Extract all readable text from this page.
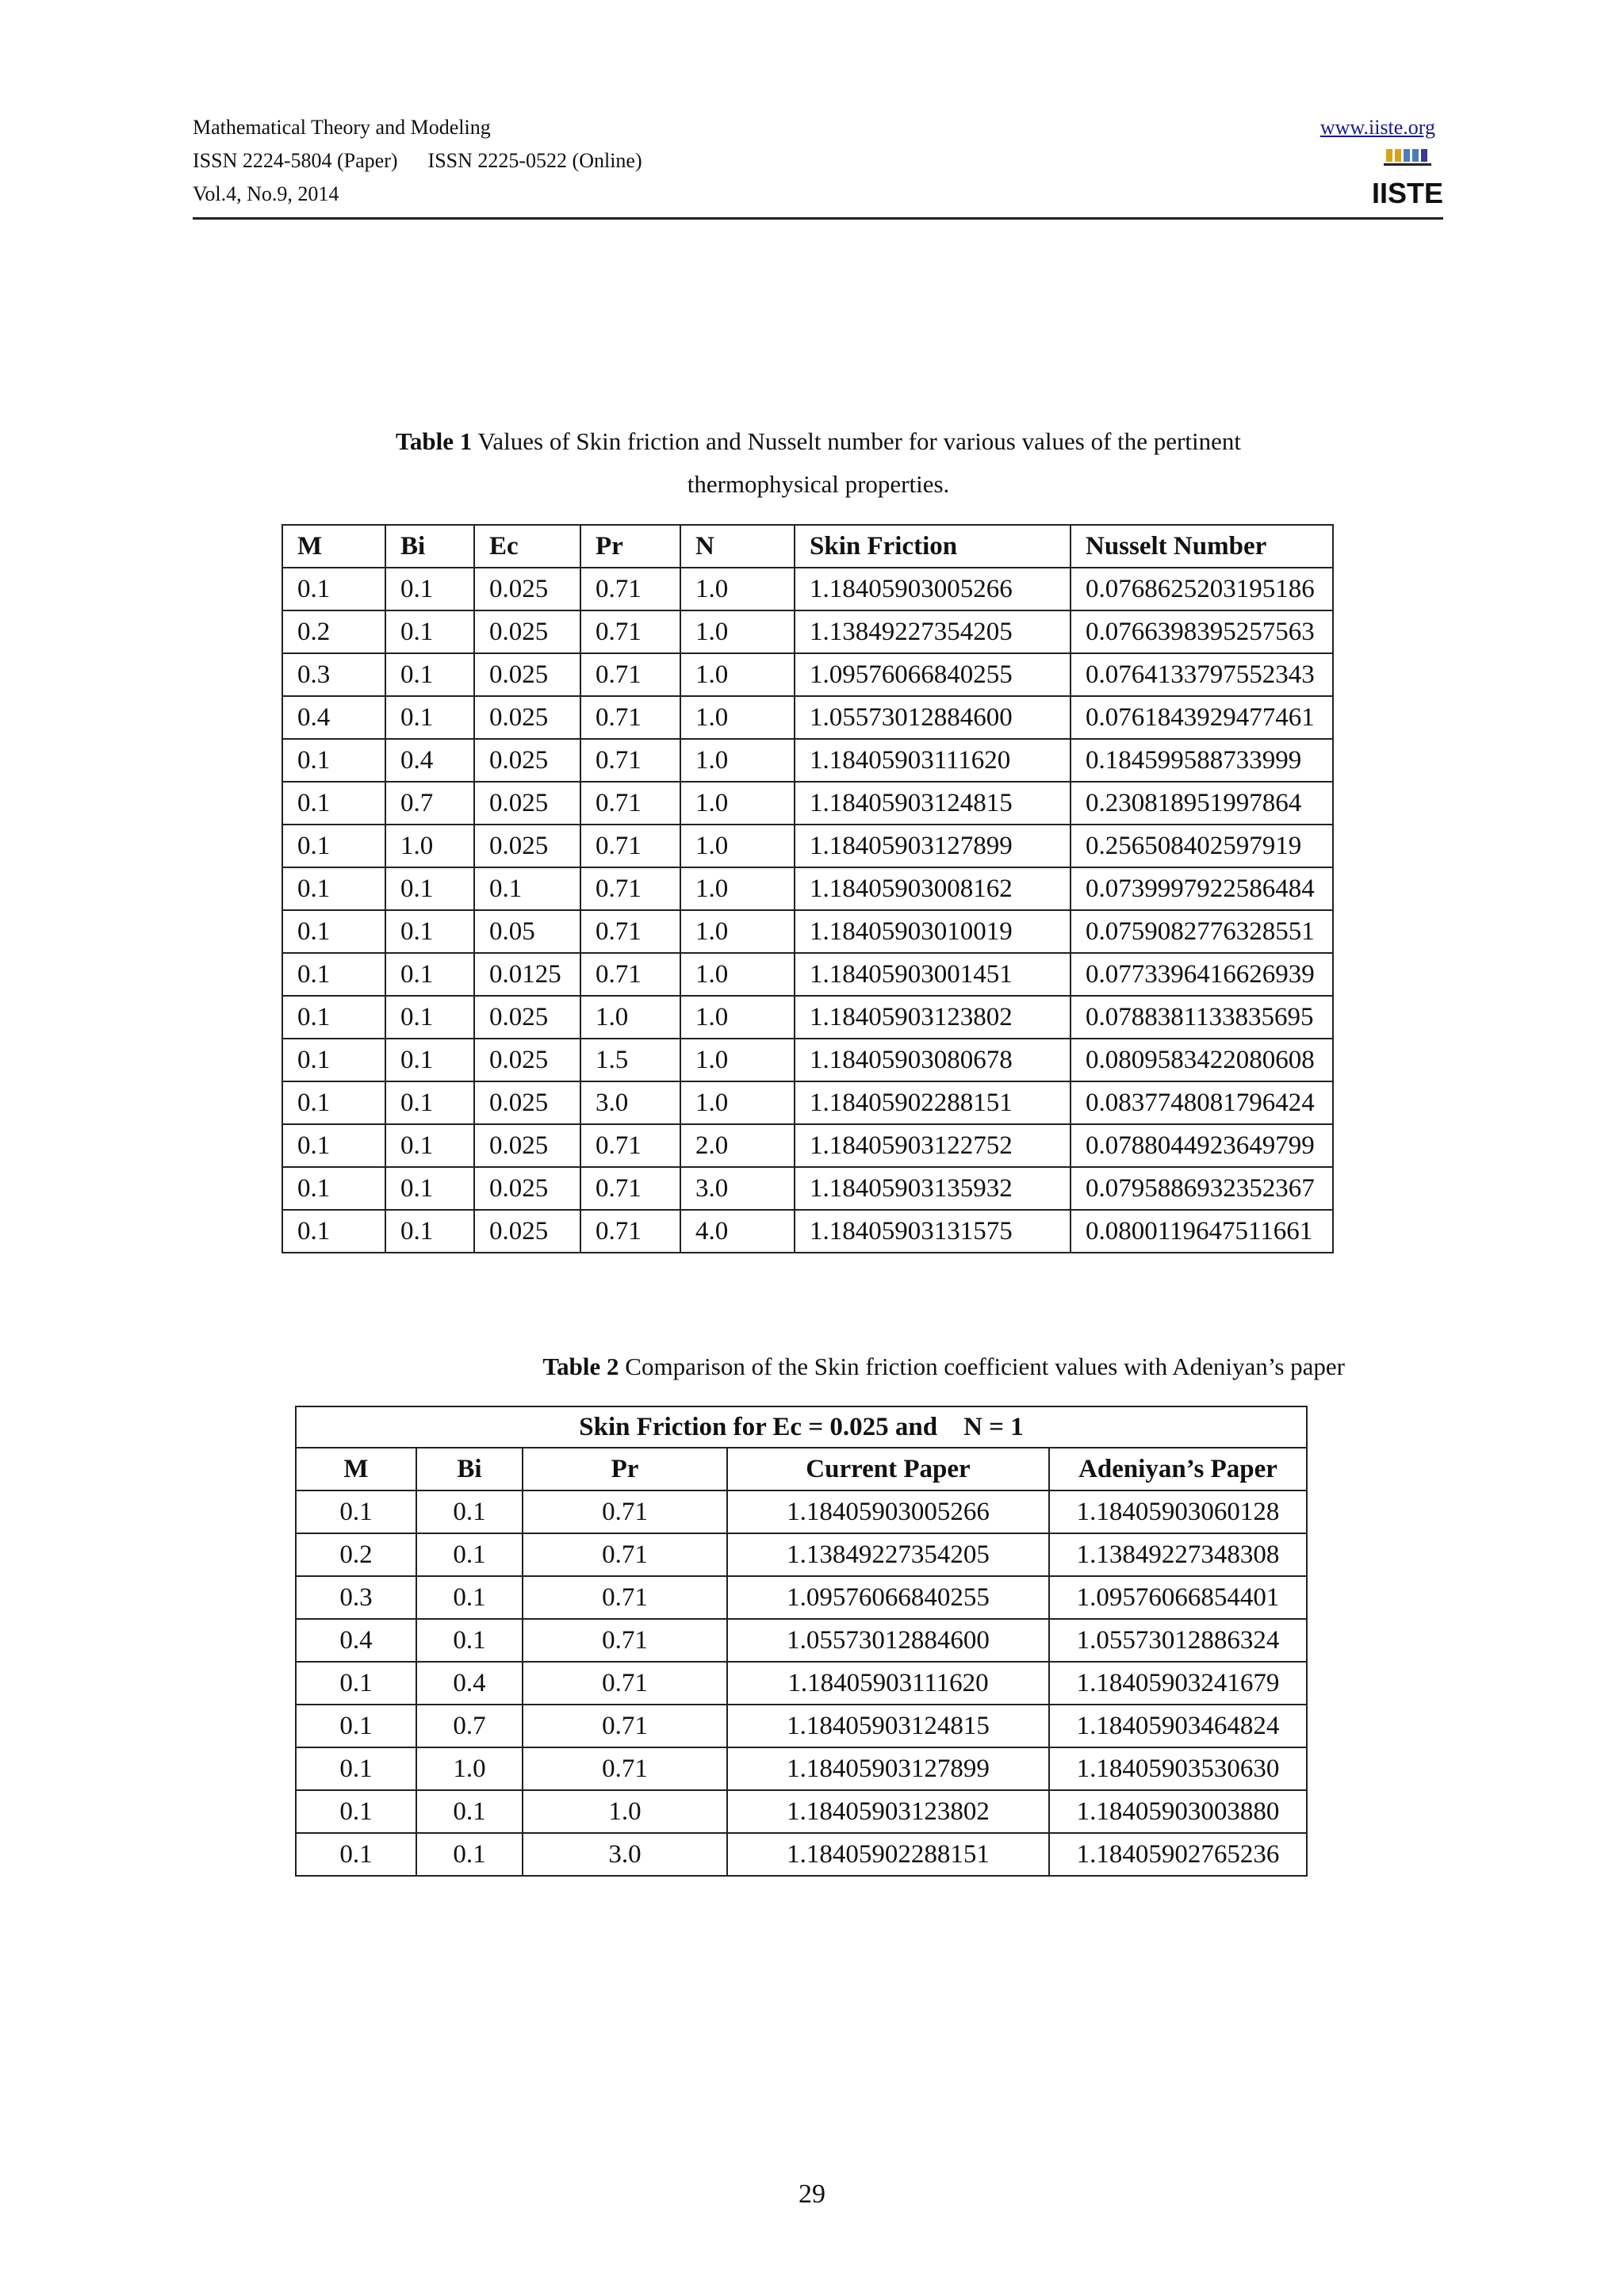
Mathematical Theory and Modeling
ISSN 2224-5804 (Paper) ISSN 2225-0522 (Online)
Vol.4, No.9, 2014
www.iiste.org
IISTE
Table 1 Values of Skin friction and Nusselt number for various values of the pertinent
thermophysical properties.
M	Bi	Ec	Pr	N	Skin Friction	Nusselt Number
0.1	0.1	0.025	0.71	1.0	1.18405903005266	0.0768625203195186
0.2	0.1	0.025	0.71	1.0	1.13849227354205	0.0766398395257563
0.3	0.1	0.025	0.71	1.0	1.09576066840255	0.0764133797552343
0.4	0.1	0.025	0.71	1.0	1.05573012884600	0.0761843929477461
0.1	0.4	0.025	0.71	1.0	1.18405903111620	0.184599588733999
0.1	0.7	0.025	0.71	1.0	1.18405903124815	0.230818951997864
0.1	1.0	0.025	0.71	1.0	1.18405903127899	0.256508402597919
0.1	0.1	0.1	0.71	1.0	1.18405903008162	0.0739997922586484
0.1	0.1	0.05	0.71	1.0	1.18405903010019	0.0759082776328551
0.1	0.1	0.0125	0.71	1.0	1.18405903001451	0.0773396416626939
0.1	0.1	0.025	1.0	1.0	1.18405903123802	0.0788381133835695
0.1	0.1	0.025	1.5	1.0	1.18405903080678	0.0809583422080608
0.1	0.1	0.025	3.0	1.0	1.18405902288151	0.0837748081796424
0.1	0.1	0.025	0.71	2.0	1.18405903122752	0.0788044923649799
0.1	0.1	0.025	0.71	3.0	1.18405903135932	0.0795886932352367
0.1	0.1	0.025	0.71	4.0	1.18405903131575	0.0800119647511661
Table 2 Comparison of the Skin friction coefficient values with Adeniyan’s paper
Skin Friction for Ec = 0.025 and    N = 1				
M	Bi	Pr	Current Paper	Adeniyan’s Paper
0.1	0.1	0.71	1.18405903005266	1.18405903060128
0.2	0.1	0.71	1.13849227354205	1.13849227348308
0.3	0.1	0.71	1.09576066840255	1.09576066854401
0.4	0.1	0.71	1.05573012884600	1.05573012886324
0.1	0.4	0.71	1.18405903111620	1.18405903241679
0.1	0.7	0.71	1.18405903124815	1.18405903464824
0.1	1.0	0.71	1.18405903127899	1.18405903530630
0.1	0.1	1.0	1.18405903123802	1.18405903003880
0.1	0.1	3.0	1.18405902288151	1.18405902765236
29
